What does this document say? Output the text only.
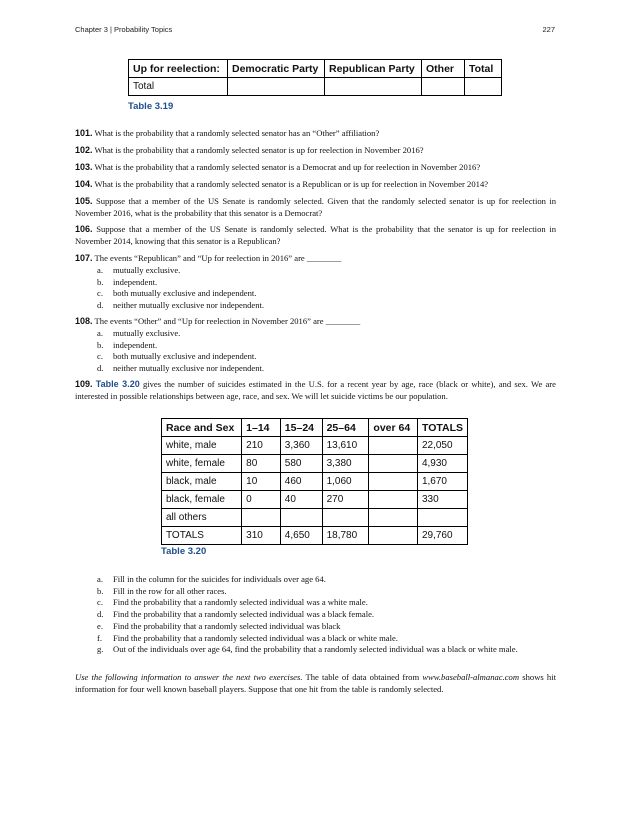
Chapter 3 | Probability Topics	227
Up for reelection:	Democratic Party	Republican Party	Other	Total
Total				
Table 3.19
101. What is the probability that a randomly selected senator has an “Other” affiliation?
102. What is the probability that a randomly selected senator is up for reelection in November 2016?
103. What is the probability that a randomly selected senator is a Democrat and up for reelection in November 2016?
104. What is the probability that a randomly selected senator is a Republican or is up for reelection in November 2014?
105. Suppose that a member of the US Senate is randomly selected. Given that the randomly selected senator is up for reelection in November 2016, what is the probability that this senator is a Democrat?
106. Suppose that a member of the US Senate is randomly selected. What is the probability that the senator is up for reelection in November 2014, knowing that this senator is a Republican?
107. The events “Republican” and “Up for reelection in 2016” are ________
a.	mutually exclusive.
b.	independent.
c.	both mutually exclusive and independent.
d.	neither mutually exclusive nor independent.
108. The events “Other” and “Up for reelection in November 2016” are ________
a.	mutually exclusive.
b.	independent.
c.	both mutually exclusive and independent.
d.	neither mutually exclusive nor independent.
109. Table 3.20 gives the number of suicides estimated in the U.S. for a recent year by age, race (black or white), and sex. We are interested in possible relationships between age, race, and sex. We will let suicide victims be our population.
Race and Sex	1–14	15–24	25–64	over 64	TOTALS
white, male	210	3,360	13,610		22,050
white, female	80	580	3,380		4,930
black, male	10	460	1,060		1,670
black, female	0	40	270		330
all others					
TOTALS	310	4,650	18,780		29,760
Table 3.20
a.	Fill in the column for the suicides for individuals over age 64.
b.	Fill in the row for all other races.
c.	Find the probability that a randomly selected individual was a white male.
d.	Find the probability that a randomly selected individual was a black female.
e.	Find the probability that a randomly selected individual was black
f.	Find the probability that a randomly selected individual was a black or white male.
g.	Out of the individuals over age 64, find the probability that a randomly selected individual was a black or white male.
Use the following information to answer the next two exercises. The table of data obtained from www.baseball-almanac.com shows hit information for four well known baseball players. Suppose that one hit from the table is randomly selected.
